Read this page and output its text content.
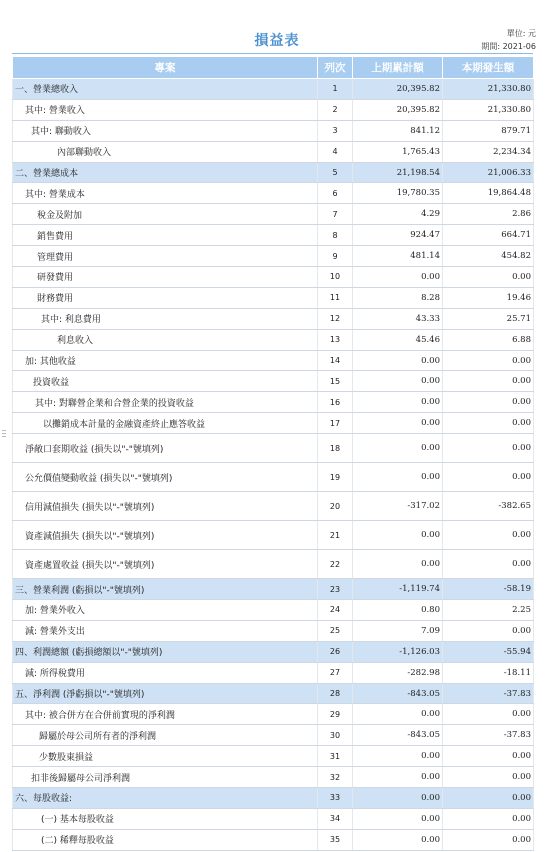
損益表	單位: 元
期間: 2021-06
專案	列次	上期累計額	本期發生額
一、營業總收入	1	20,395.82	21,330.80
其中: 營業收入	2	20,395.82	21,330.80
其中: 聯動收入	3	841.12	879.71
內部聯動收入	4	1,765.43	2,234.34
二、營業總成本	5	21,198.54	21,006.33
其中: 營業成本	6	19,780.35	19,864.48
稅金及附加	7	4.29	2.86
銷售費用	8	924.47	664.71
管理費用	9	481.14	454.82
研發費用	10	0.00	0.00
財務費用	11	8.28	19.46
其中: 利息費用	12	43.33	25.71
利息收入	13	45.46	6.88
加: 其他收益	14	0.00	0.00
投資收益	15	0.00	0.00
其中: 對聯營企業和合營企業的投資收益	16	0.00	0.00
以攤銷成本計量的金融資產終止應答收益	17	0.00	0.00
淨敞口套期收益 (損失以"-"號填列)	18	0.00	0.00
公允價值變動收益 (損失以"-"號填列)	19	0.00	0.00
信用減值損失 (損失以"-"號填列)	20	-317.02	-382.65
資產減值損失 (損失以"-"號填列)	21	0.00	0.00
資產處置收益 (損失以"-"號填列)	22	0.00	0.00
三、營業利潤 (虧損以"-"號填列)	23	-1,119.74	-58.19
加: 營業外收入	24	0.80	2.25
減: 營業外支出	25	7.09	0.00
四、利潤總額 (虧損總額以"-"號填列)	26	-1,126.03	-55.94
減: 所得稅費用	27	-282.98	-18.11
五、淨利潤 (淨虧損以"-"號填列)	28	-843.05	-37.83
其中: 被合併方在合併前實現的淨利潤	29	0.00	0.00
歸屬於母公司所有者的淨利潤	30	-843.05	-37.83
少數股東損益	31	0.00	0.00
扣非後歸屬母公司淨利潤	32	0.00	0.00
六、每股收益:	33	0.00	0.00
(一) 基本每股收益	34	0.00	0.00
(二) 稀釋每股收益	35	0.00	0.00
